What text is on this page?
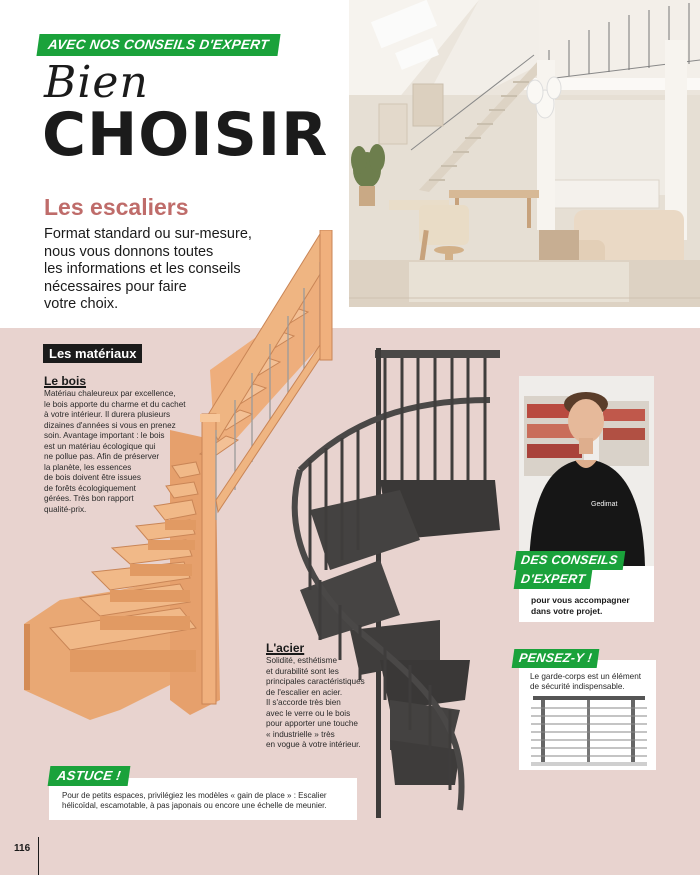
AVEC NOS CONSEILS D'EXPERT
Bien
CHOISIR
Les escaliers
Format standard ou sur-mesure,
nous vous donnons toutes
les informations et les conseils
nécessaires pour faire
votre choix.
Les matériaux
Le bois
Matériau chaleureux par excellence,
le bois apporte du charme et du cachet
à votre intérieur. Il durera plusieurs
dizaines d'années si vous en prenez
soin. Avantage important : le bois
est un matériau écologique qui
ne pollue pas. Afin de préserver
la planète, les essences
de bois doivent être issues
de forêts écologiquement
gérées. Très bon rapport
qualité-prix.
L'acier
Solidité, esthétisme
et durabilité sont les
principales caractéristiques
de l'escalier en acier.
Il s'accorde très bien
avec le verre ou le bois
pour apporter une touche
« industrielle » très
en vogue à votre intérieur.
Gedimat
DES CONSEILS
D'EXPERT
pour vous accompagner dans votre projet.
PENSEZ-Y !
Le garde-corps est un élément de sécurité indispensable.
ASTUCE !
Pour de petits espaces, privilégiez les modèles « gain de place » : Escalier hélicoïdal, escamotable, à pas japonais ou encore une échelle de meunier.
116
